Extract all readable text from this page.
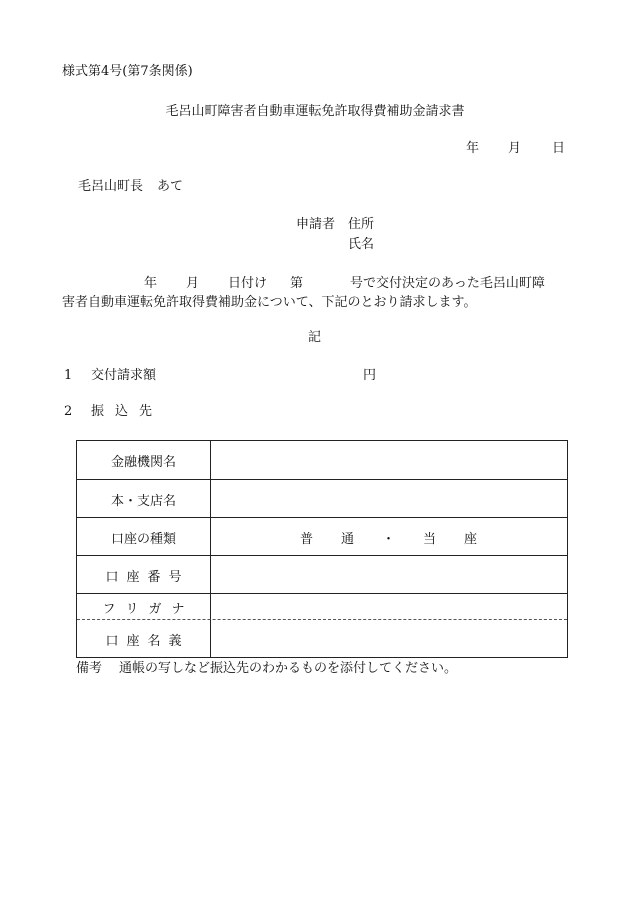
様式第4号(第7条関係)
毛呂山町障害者自動車運転免許取得費補助金請求書
年 月 日
毛呂山町長 あて
申請者 住所
氏名
年 月 日付け 第	号で交付決定のあった毛呂山町障
害者自動車運転免許取得費補助金について、下記のとおり請求します。
記
1 交付請求額	円
2 振 込 先
金融機関名
本・支店名
口座の種類	普 通 ・ 当 座
口 座 番 号
フ リ ガ ナ
口 座 名 義
備考 通帳の写しなど振込先のわかるものを添付してください。
